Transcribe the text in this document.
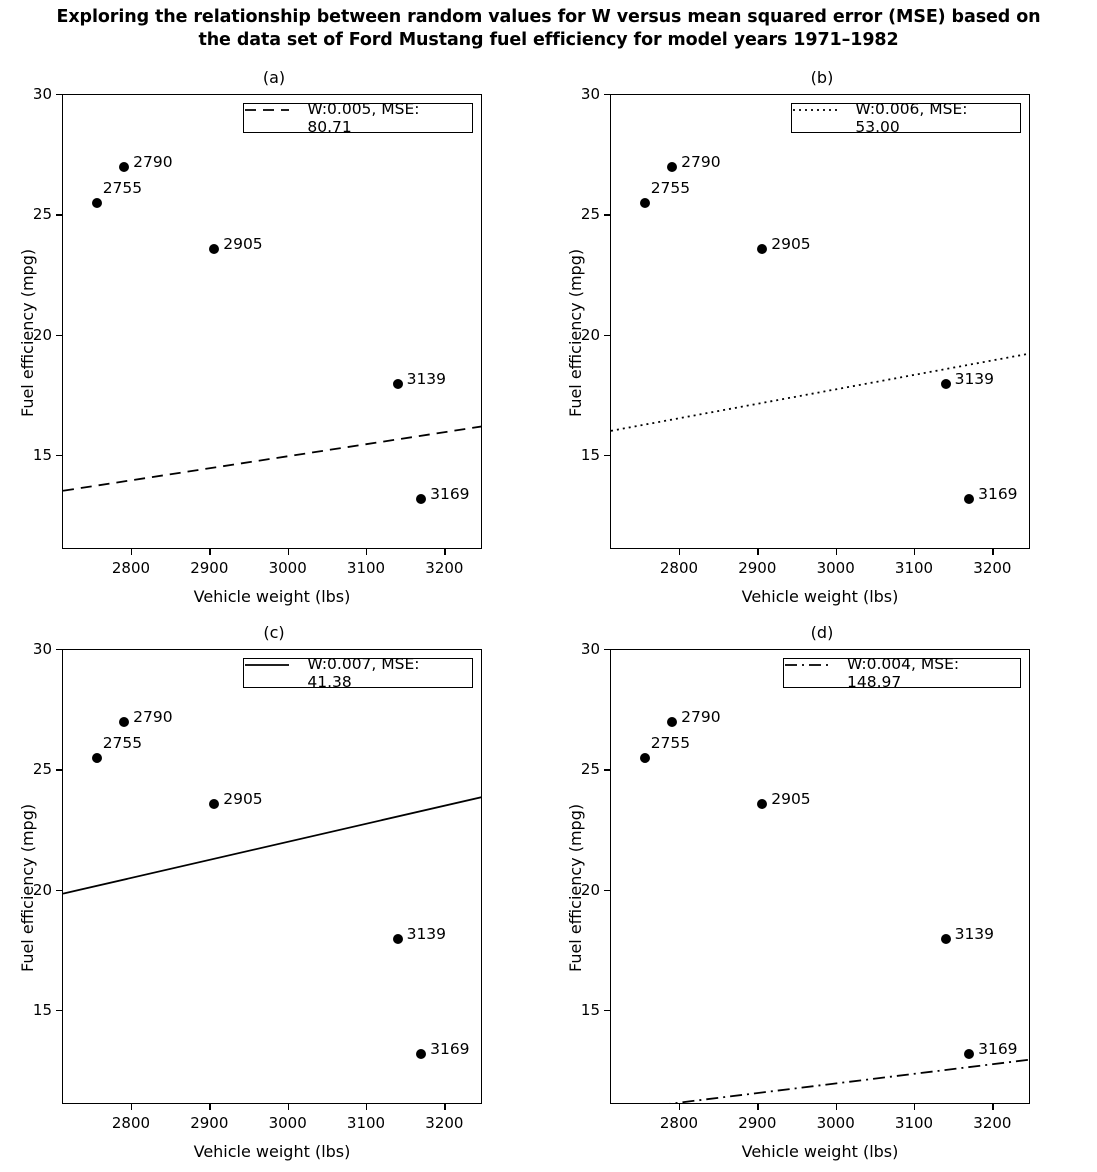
Exploring the relationship between random values for W versus mean squared error (MSE) based on the data set of Ford Mustang fuel efficiency for model years 1971–1982
(a)
2755
2790
2905
3139
3169
W:0.005, MSE: 80.71
Vehicle weight (lbs)
Fuel efficiency (mpg)
2800	2900	3000	3100	3200
15
20
25
30
(b)
2755
2790
2905
3139
3169
W:0.006, MSE: 53.00
Vehicle weight (lbs)
Fuel efficiency (mpg)
2800	2900	3000	3100	3200
15
20
25
30
(c)
2755
2790
2905
3139
3169
W:0.007, MSE: 41.38
Vehicle weight (lbs)
Fuel efficiency (mpg)
2800	2900	3000	3100	3200
15
20
25
30
(d)
2755
2790
2905
3139
3169
W:0.004, MSE: 148.97
Vehicle weight (lbs)
Fuel efficiency (mpg)
2800	2900	3000	3100	3200
15
20
25
30
